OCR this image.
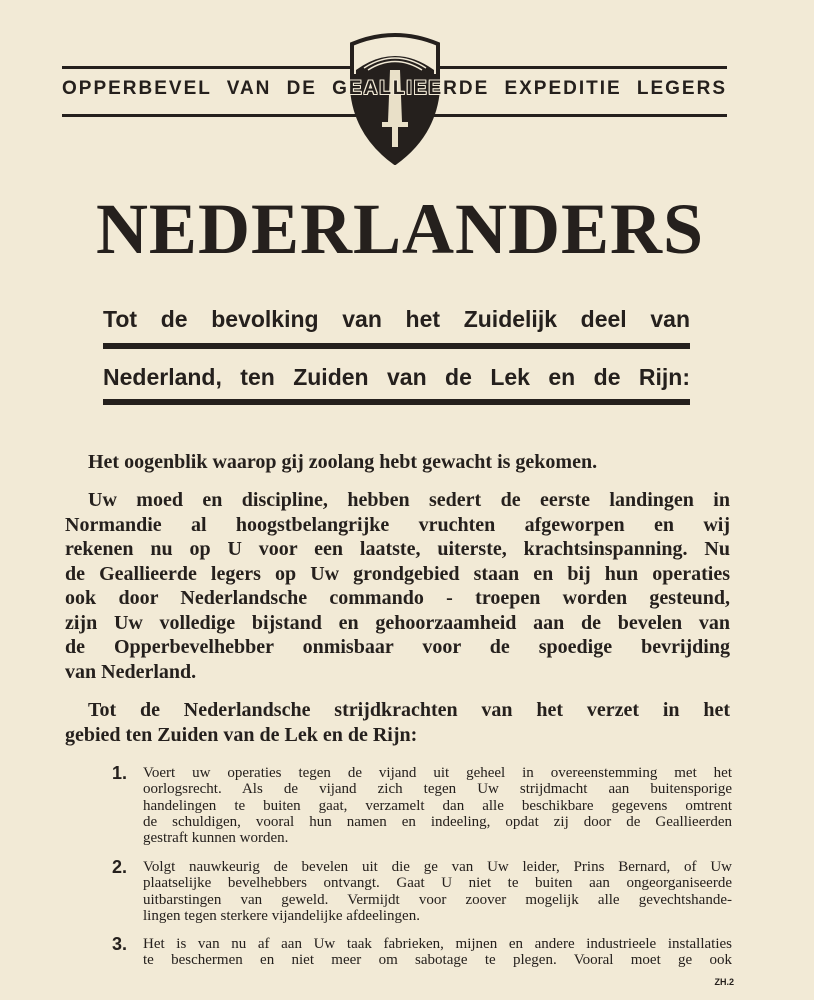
OPPERBEVEL VAN DE GEALLIEERDE EXPEDITIE LEGERS
NEDERLANDERS
Tot de bevolking van het Zuidelijk deel van
Nederland, ten Zuiden van de Lek en de Rijn:
Het oogenblik waarop gij zoolang hebt gewacht is gekomen.
Uw moed en discipline, hebben sedert de eerste landingen in
Normandie al hoogstbelangrijke vruchten afgeworpen en wij
rekenen nu op U voor een laatste, uiterste, krachtsinspanning. Nu
de Geallieerde legers op Uw grondgebied staan en bij hun operaties
ook door Nederlandsche commando - troepen worden gesteund,
zijn Uw volledige bijstand en gehoorzaamheid aan de bevelen van
de Opperbevelhebber onmisbaar voor de spoedige bevrijding
van Nederland.
Tot de Nederlandsche strijdkrachten van het verzet in het
gebied ten Zuiden van de Lek en de Rijn:
1. Voert uw operaties tegen de vijand uit geheel in overeenstemming met het
oorlogsrecht. Als de vijand zich tegen Uw strijdmacht aan buitensporige
handelingen te buiten gaat, verzamelt dan alle beschikbare gegevens omtrent
de schuldigen, vooral hun namen en indeeling, opdat zij door de Geallieerden
gestraft kunnen worden.
2. Volgt nauwkeurig de bevelen uit die ge van Uw leider, Prins Bernard, of Uw
plaatselijke bevelhebbers ontvangt. Gaat U niet te buiten aan ongeorganiseerde
uitbarstingen van geweld. Vermijdt voor zoover mogelijk alle gevechtshande-
lingen tegen sterkere vijandelijke afdeelingen.
3. Het is van nu af aan Uw taak fabrieken, mijnen en andere industrieele installaties
te beschermen en niet meer om sabotage te plegen. Vooral moet ge ook
ZH.2
